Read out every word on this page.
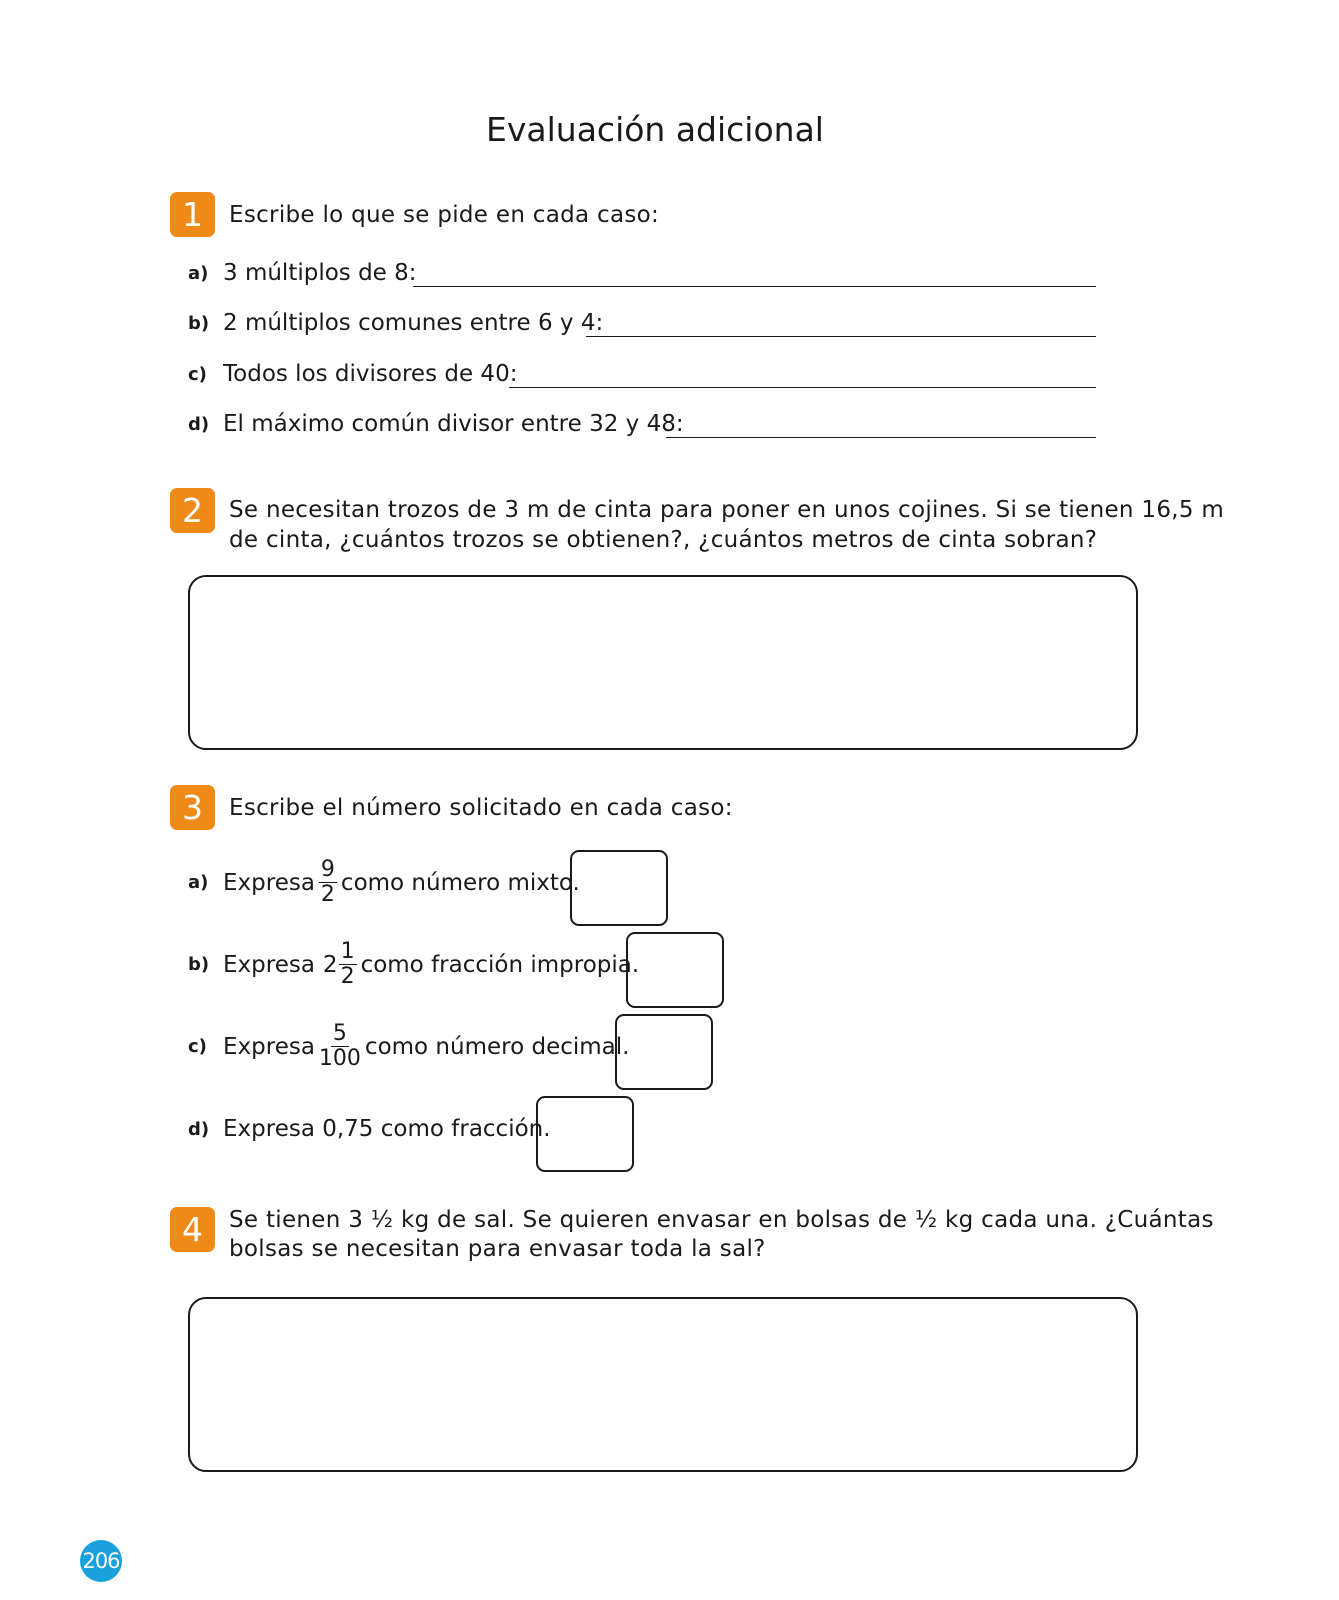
Evaluación adicional
1	Escribe lo que se pide en cada caso:
a) 3 múltiplos de 8:
b) 2 múltiplos comunes entre 6 y 4:
c) Todos los divisores de 40:
d) El máximo común divisor entre 32 y 48:
2	Se necesitan trozos de 3 m de cinta para poner en unos cojines. Si se tienen 16,5 m
de cinta, ¿cuántos trozos se obtienen?, ¿cuántos metros de cinta sobran?
3	Escribe el número solicitado en cada caso:
a) Expresa $\frac{9}{2}$ como número mixto.
b) Expresa $2 \frac{1}{2}$ como fracción impropia.
c) Expresa $\frac{5}{100}$ como número decimal.
d) Expresa 0,75 como fracción.
4	Se tienen 3 ½ kg de sal. Se quieren envasar en bolsas de ½ kg cada una. ¿Cuántas
bolsas se necesitan para envasar toda la sal?
206
